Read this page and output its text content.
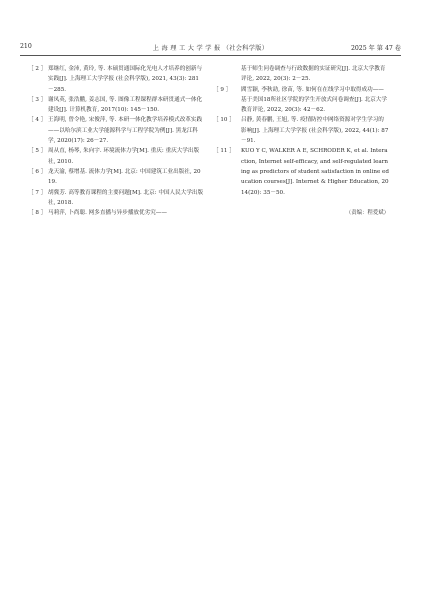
210	上 海 理 工 大 学 学 报 （社会科学版）	2025 年 第 47 卷
［ 2 ］ 郑继红, 金沛, 黄玲, 等. 本硕贯通国际化光电人才培养的创新与实践[J]. 上海理工大学学报 (社会科学版), 2021, 43(3): 281－285.
［ 3 ］ 谢凤英, 张浩鹏, 姜志国, 等. 图像工程课程群本研贯通式一体化建设[J]. 计算机教育, 2017(10): 145－150.
［ 4 ］ 王海明, 曾令艳, 宋俊萍, 等. 本研一体化教学培养模式改革实践——以哈尔滨工业大学能源科学与工程学院为例[J]. 黑龙江科学, 2020(17): 26－27.
［ 5 ］ 周从直, 杨琴, 朱向宇. 环境流体力学[M]. 重庆: 重庆大学出版社, 2010.
［ 6 ］ 龙天渝, 蔡增基. 流体力学[M]. 北京: 中国建筑工业出版社, 2019.
［ 7 ］ 胡冀芳. 高等教育课程的主要问题[M]. 北京: 中国人民大学出版社, 2018.
［ 8 ］ 马莉萍, 卜尚聪. 网多直播与异步播放优劣究——
基于师生问卷调查与行政数据的实证研究[J]. 北京大学教育评论, 2022, 20(3): 2－25.
［ 9 ］	閻雪颖, 李秋劼, 徐苗, 等. 如何在在线学习中取得成功——基于美国18所社区学院的学生开放式问卷调查[J]. 北京大学教育评论, 2022, 20(3): 42－62.
［ 10 ］	吕静, 黄春鹏, 王旭, 等. 疫情防控中网络资源对学生学习的影响[J]. 上海理工大学学报 (社会科学版), 2022, 44(1): 87－91.
［ 11 ］	KUO Y C, WALKER A E, SCHRODER K, et al. Interaction, Internet self-efficacy, and self-regulated learning as predictors of student satisfaction in online education courses[J]. Internet & Higher Education, 2014(20): 35－50.
（责编：程爱斌）
